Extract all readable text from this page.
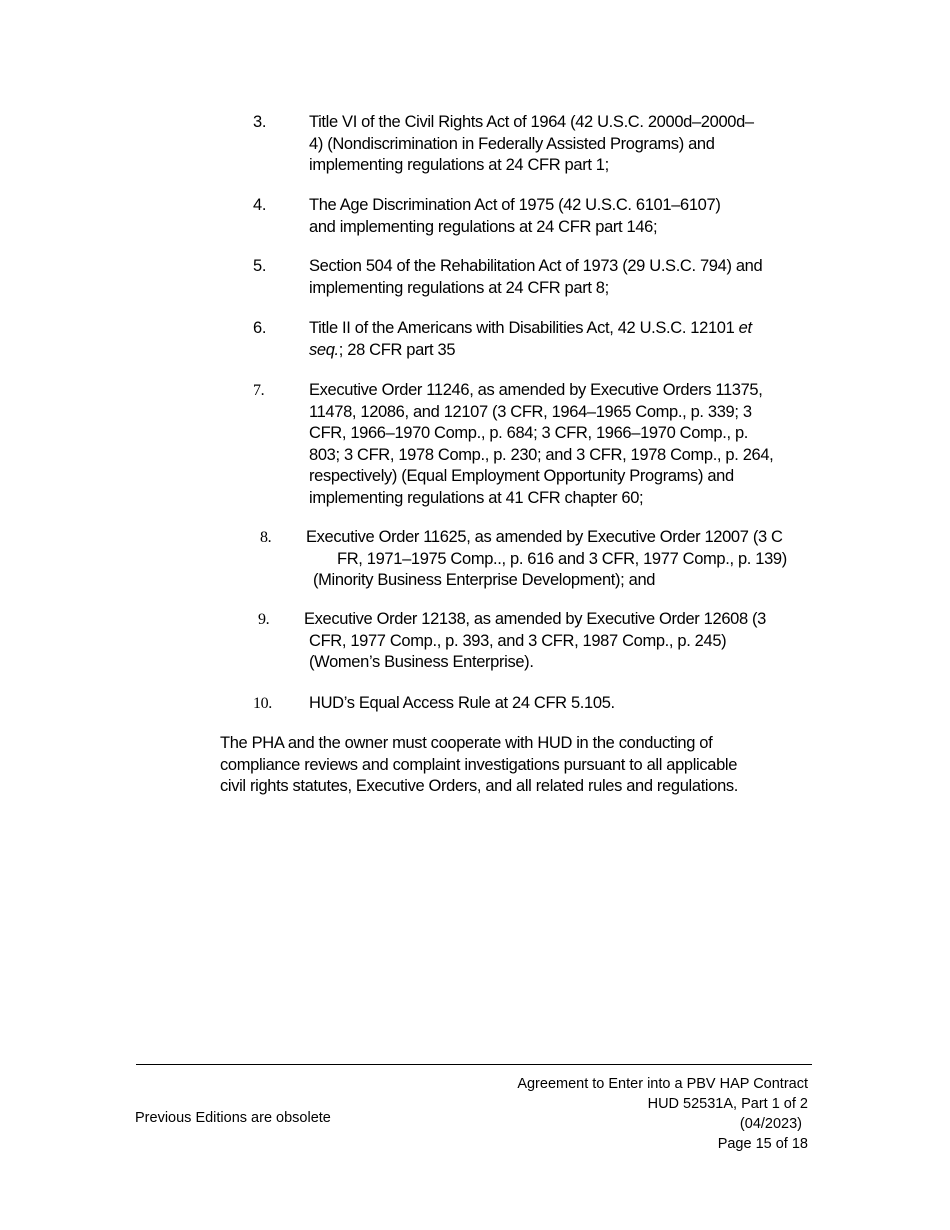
3.	Title VI of the Civil Rights Act of 1964 (42 U.S.C. 2000d–2000d–
4) (Nondiscrimination in Federally Assisted Programs) and
implementing regulations at 24 CFR part 1;
4.	The Age Discrimination Act of 1975 (42 U.S.C. 6101–6107)
and implementing regulations at 24 CFR part 146;
5.	Section 504 of the Rehabilitation Act of 1973 (29 U.S.C. 794) and
implementing regulations at 24 CFR part 8;
6.	Title II of the Americans with Disabilities Act, 42 U.S.C. 12101 et
seq.; 28 CFR part 35
7.	Executive Order 11246, as amended by Executive Orders 11375,
11478, 12086, and 12107 (3 CFR, 1964–1965 Comp., p. 339; 3
CFR, 1966–1970 Comp., p. 684; 3 CFR, 1966–1970 Comp., p.
803; 3 CFR, 1978 Comp., p. 230; and 3 CFR, 1978 Comp., p. 264,
respectively) (Equal Employment Opportunity Programs) and
implementing regulations at 41 CFR chapter 60;
8.	Executive Order 11625, as amended by Executive Order 12007 (3 C
FR, 1971–1975 Comp.., p. 616 and 3 CFR, 1977 Comp., p. 139)
(Minority Business Enterprise Development); and
9.	Executive Order 12138, as amended by Executive Order 12608 (3
CFR, 1977 Comp., p. 393, and 3 CFR, 1987 Comp., p. 245)
(Women’s Business Enterprise).
10.	HUD’s Equal Access Rule at 24 CFR 5.105.
The PHA and the owner must cooperate with HUD in the conducting of
compliance reviews and complaint investigations pursuant to all applicable
civil rights statutes, Executive Orders, and all related rules and regulations.
Previous Editions are obsolete
Agreement to Enter into a PBV HAP Contract
HUD 52531A, Part 1 of 2
(04/2023)
Page 15 of 18
